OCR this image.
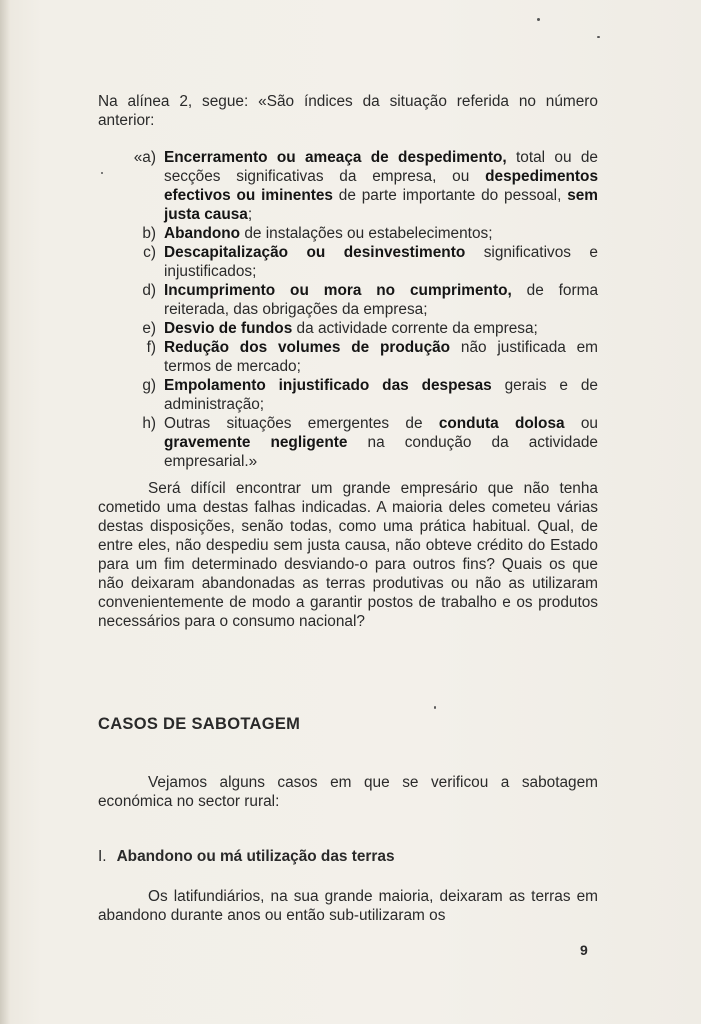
Na alínea 2, segue: «São índices da situação referida no número anterior:

«a) Encerramento ou ameaça de despedimento, total ou de secções significativas da empresa, ou despedimentos efectivos ou iminentes de parte importante do pessoal, sem justa causa;
b) Abandono de instalações ou estabelecimentos;
c) Descapitalização ou desinvestimento significativos e injustificados;
d) Incumprimento ou mora no cumprimento, de forma reiterada, das obrigações da empresa;
e) Desvio de fundos da actividade corrente da empresa;
f) Redução dos volumes de produção não justificada em termos de mercado;
g) Empolamento injustificado das despesas gerais e de administração;
h) Outras situações emergentes de conduta dolosa ou gravemente negligente na condução da actividade empresarial.»

Será difícil encontrar um grande empresário que não tenha cometido uma destas falhas indicadas. A maioria deles cometeu várias destas disposições, senão todas, como uma prática habitual. Qual, de entre eles, não despediu sem justa causa, não obteve crédito do Estado para um fim determinado desviando-o para outros fins? Quais os que não deixaram abandonadas as terras produtivas ou não as utilizaram convenientemente de modo a garantir postos de trabalho e os produtos necessários para o consumo nacional?

CASOS DE SABOTAGEM

Vejamos alguns casos em que se verificou a sabotagem económica no sector rural:

I. Abandono ou má utilização das terras

Os latifundiários, na sua grande maioria, deixaram as terras em abandono durante anos ou então sub-utilizaram os

9
